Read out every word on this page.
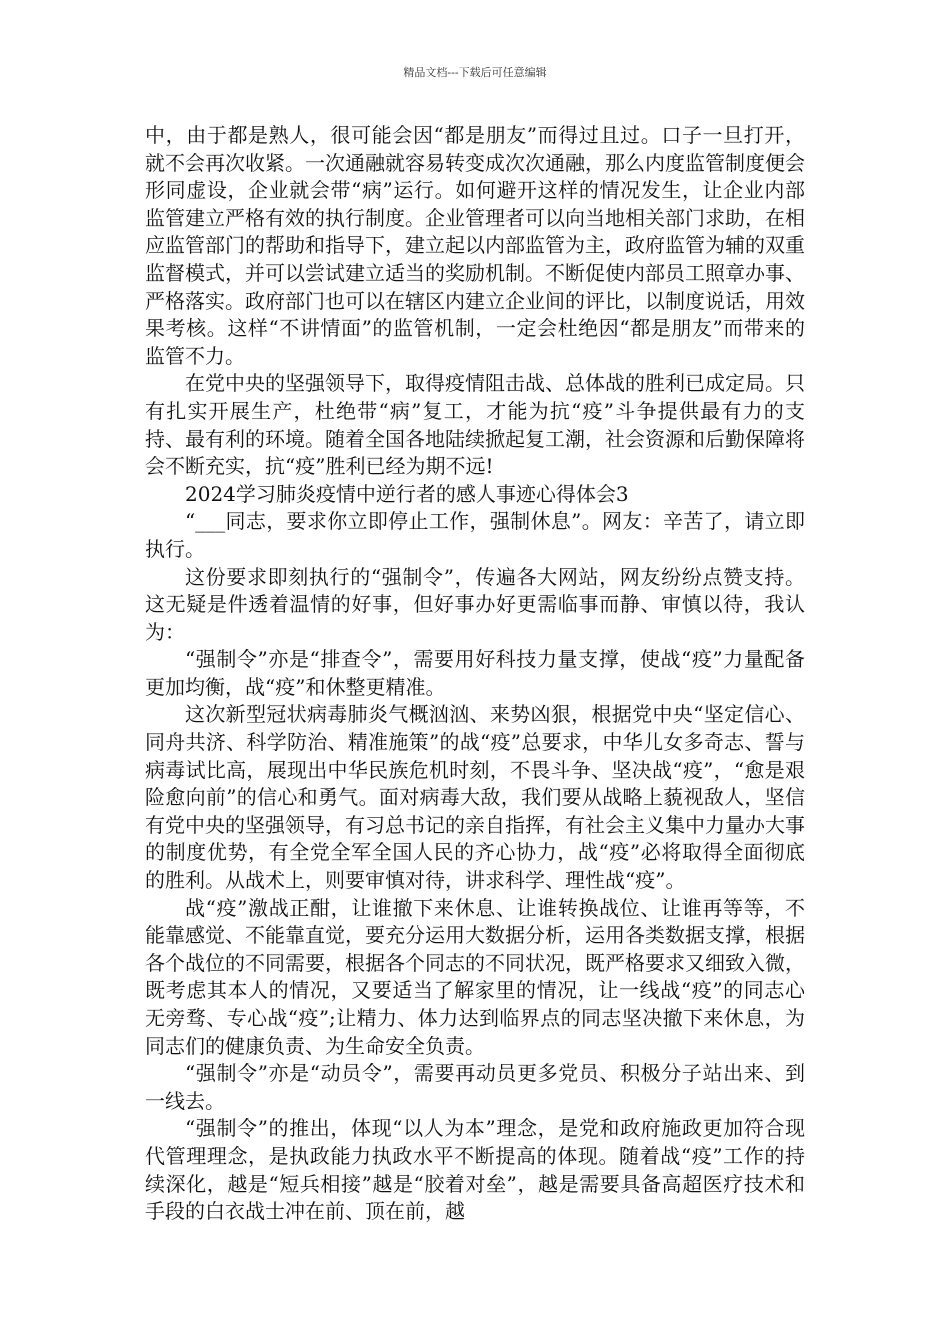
精品文档---下载后可任意编辑

中，由于都是熟人，很可能会因“都是朋友”而得过且过。口子一旦打开，就不会再次收紧。一次通融就容易转变成次次通融，那么内度监管制度便会形同虚设，企业就会带“病”运行。如何避开这样的情况发生，让企业内部监管建立严格有效的执行制度。企业管理者可以向当地相关部门求助，在相应监管部门的帮助和指导下，建立起以内部监管为主，政府监管为辅的双重监督模式，并可以尝试建立适当的奖励机制。不断促使内部员工照章办事、严格落实。政府部门也可以在辖区内建立企业间的评比，以制度说话，用效果考核。这样“不讲情面”的监管机制，一定会杜绝因“都是朋友”而带来的监管不力。

在党中央的坚强领导下，取得疫情阻击战、总体战的胜利已成定局。只有扎实开展生产，杜绝带“病”复工，才能为抗“疫”斗争提供最有力的支持、最有利的环境。随着全国各地陆续掀起复工潮，社会资源和后勤保障将会不断充实，抗“疫”胜利已经为期不远!

2024学习肺炎疫情中逆行者的感人事迹心得体会3

“___同志，要求你立即停止工作，强制休息”。网友：辛苦了，请立即执行。

这份要求即刻执行的“强制令”，传遍各大网站，网友纷纷点赞支持。这无疑是件透着温情的好事，但好事办好更需临事而静、审慎以待，我认为：

“强制令”亦是“排查令”，需要用好科技力量支撑，使战“疫”力量配备更加均衡，战“疫”和休整更精准。

这次新型冠状病毒肺炎气概汹汹、来势凶狠，根据党中央“坚定信心、同舟共济、科学防治、精准施策”的战“疫”总要求，中华儿女多奇志、誓与病毒试比高，展现出中华民族危机时刻，不畏斗争、坚决战“疫”，“愈是艰险愈向前”的信心和勇气。面对病毒大敌，我们要从战略上藐视敌人，坚信有党中央的坚强领导，有习总书记的亲自指挥，有社会主义集中力量办大事的制度优势，有全党全军全国人民的齐心协力，战“疫”必将取得全面彻底的胜利。从战术上，则要审慎对待，讲求科学、理性战“疫”。

战“疫”激战正酣，让谁撤下来休息、让谁转换战位、让谁再等等，不能靠感觉、不能靠直觉，要充分运用大数据分析，运用各类数据支撑，根据各个战位的不同需要，根据各个同志的不同状况，既严格要求又细致入微，既考虑其本人的情况，又要适当了解家里的情况，让一线战“疫”的同志心无旁骛、专心战“疫”;让精力、体力达到临界点的同志坚决撤下来休息，为同志们的健康负责、为生命安全负责。

“强制令”亦是“动员令”，需要再动员更多党员、积极分子站出来、到一线去。

“强制令”的推出，体现“以人为本”理念，是党和政府施政更加符合现代管理理念，是执政能力执政水平不断提高的体现。随着战“疫”工作的持续深化，越是“短兵相接”越是“胶着对垒”，越是需要具备高超医疗技术和手段的白衣战士冲在前、顶在前，越
